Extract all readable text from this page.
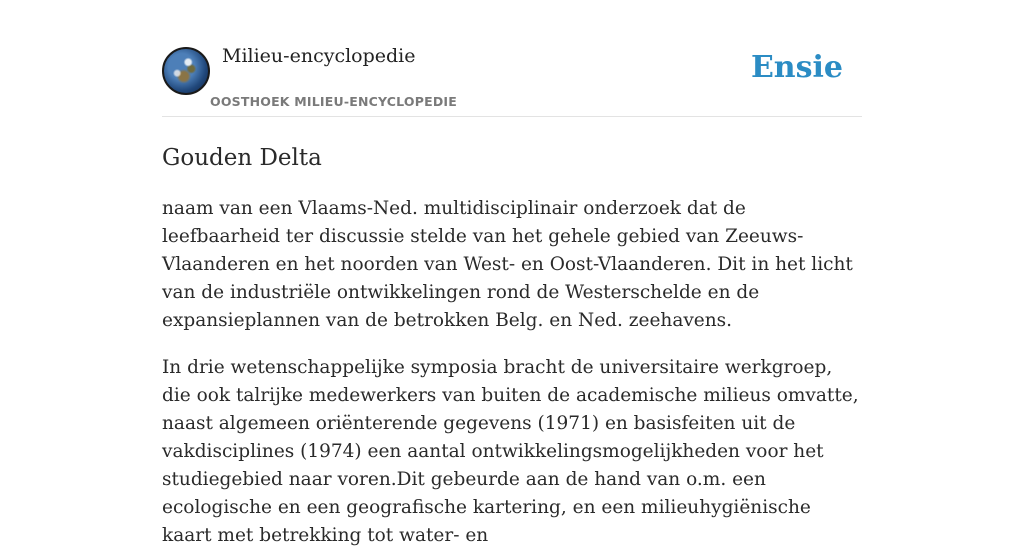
Milieu-encyclopedie
OOSTHOEK MILIEU-ENCYCLOPEDIE
Ensie
Gouden Delta

naam van een Vlaams-Ned. multidisciplinair onderzoek dat de leefbaarheid ter discussie stelde van het gehele gebied van Zeeuws-Vlaanderen en het noorden van West- en Oost-Vlaanderen. Dit in het licht van de industriële ontwikkelingen rond de Westerschelde en de expansieplannen van de betrokken Belg. en Ned. zeehavens.

In drie wetenschappelijke symposia bracht de universitaire werkgroep, die ook talrijke medewerkers van buiten de academische milieus omvatte, naast algemeen oriënterende gegevens (1971) en basisfeiten uit de vakdisciplines (1974) een aantal ontwikkelingsmogelijkheden voor het studiegebied naar voren.Dit gebeurde aan de hand van o.m. een ecologische en een geografische kartering, en een milieuhygiënische kaart met betrekking tot water- en
